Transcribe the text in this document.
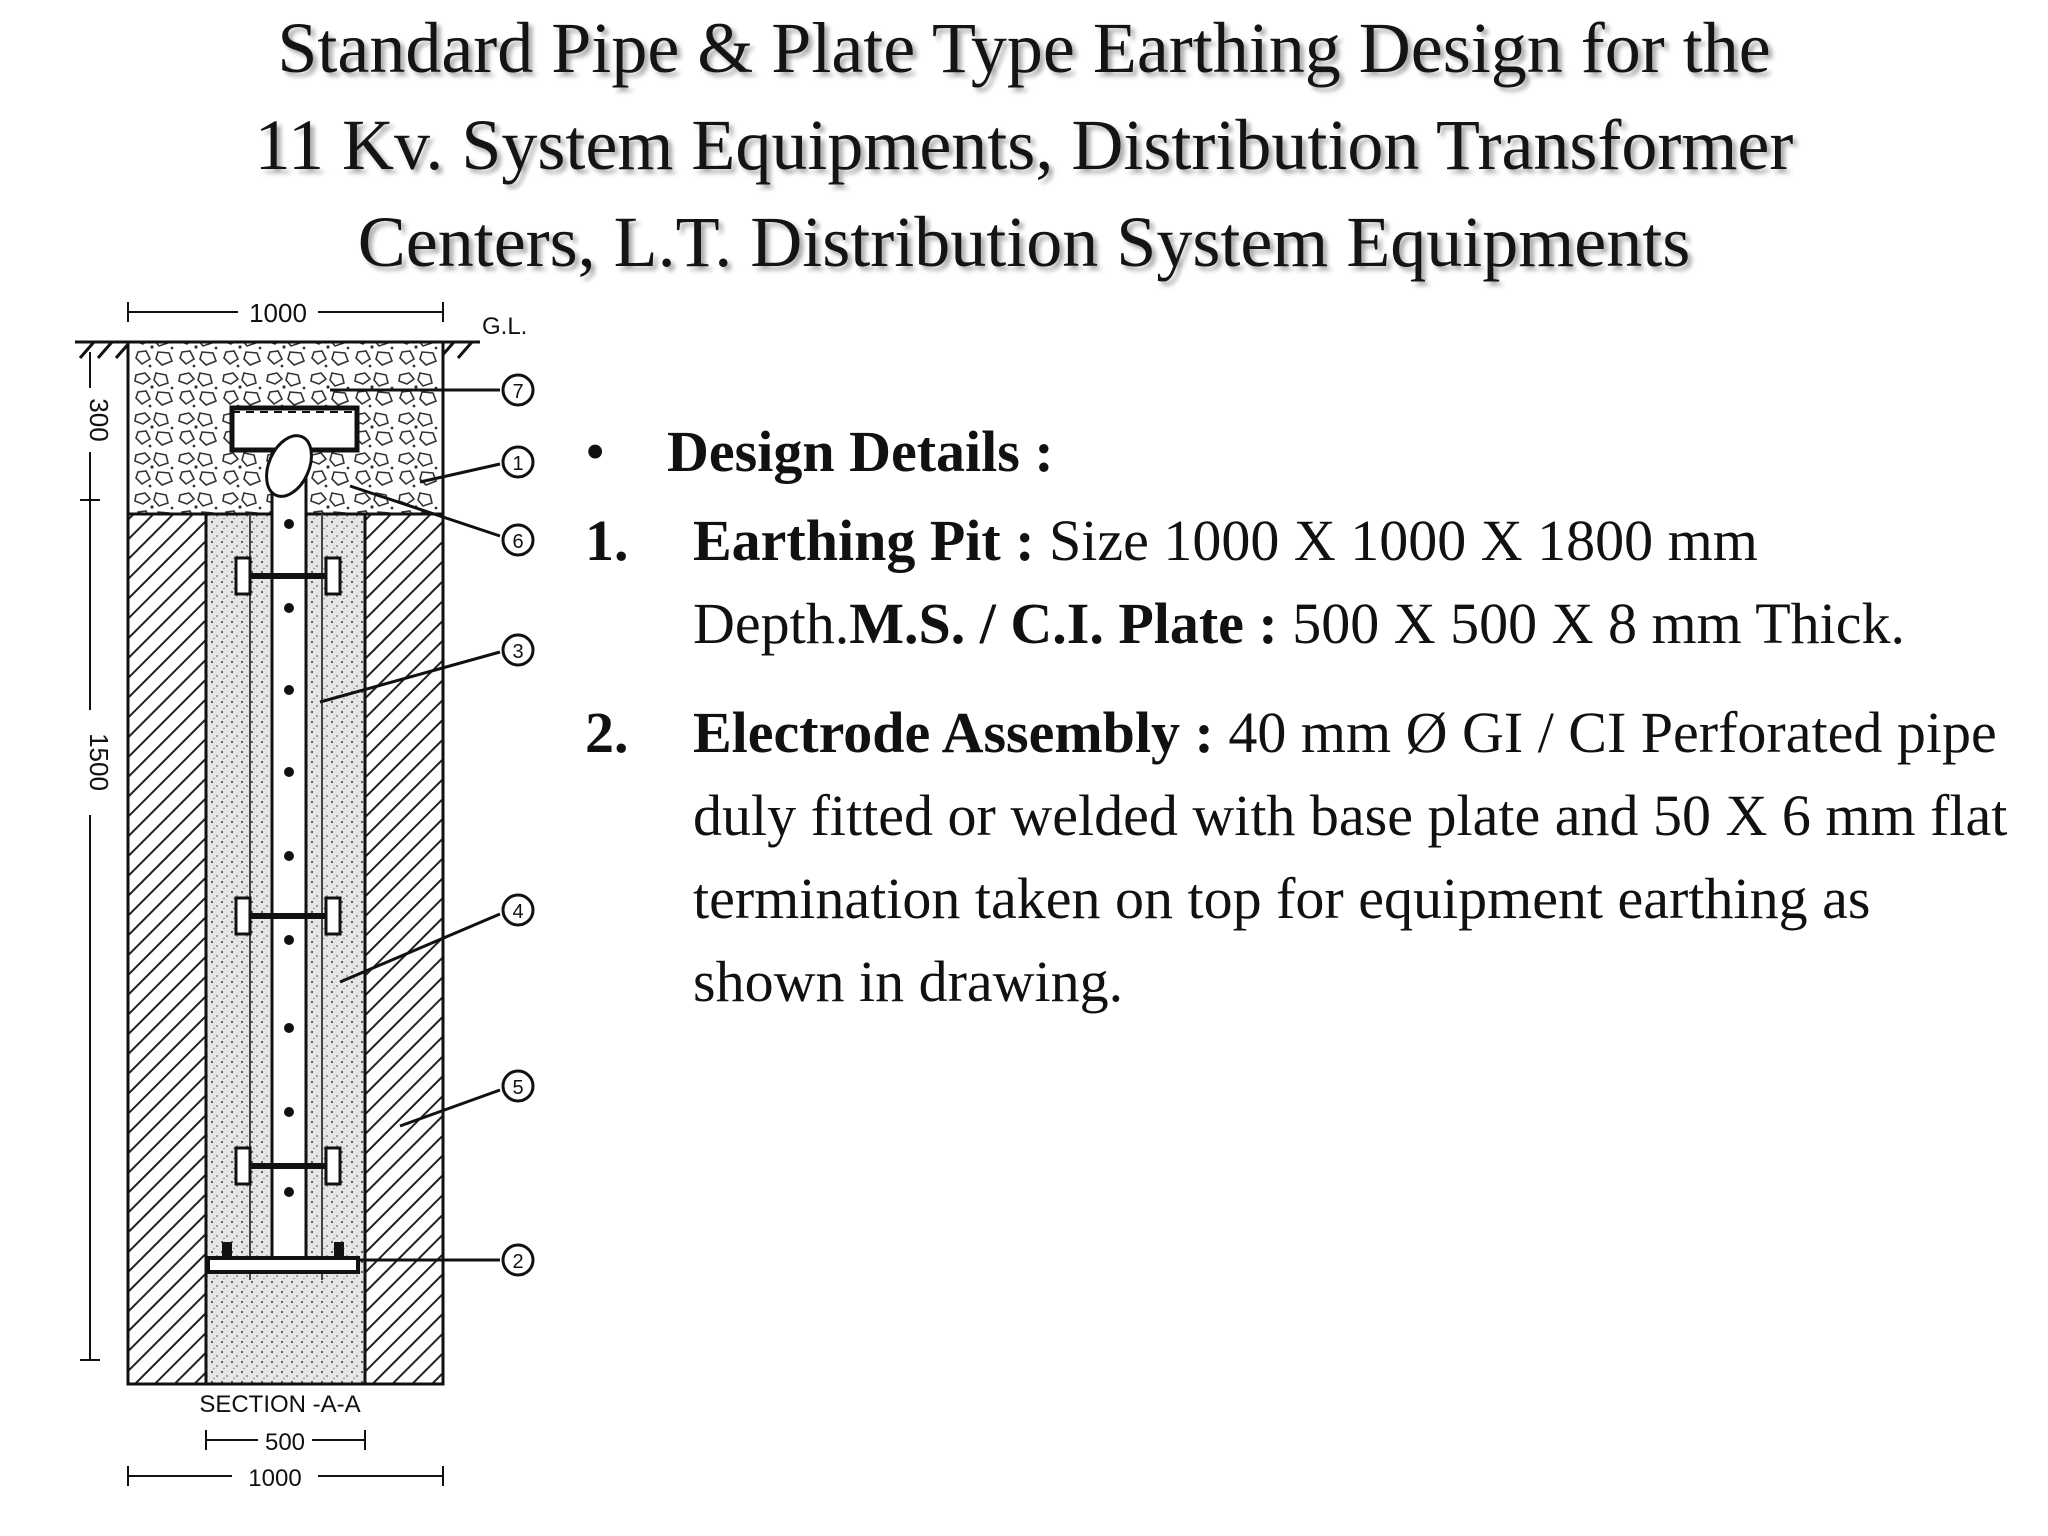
Standard Pipe & Plate Type Earthing Design for the
11 Kv. System Equipments, Distribution Transformer
Centers, L.T. Distribution System Equipments
1000	G.L.
300
1500
7
1
6
3
4
5
2
SECTION -A-A
500
1000
• Design Details :
1. Earthing Pit : Size 1000 X 1000 X 1800 mm Depth.M.S. / C.I. Plate : 500 X 500 X 8 mm Thick.
2. Electrode Assembly : 40 mm Ø GI / CI Perforated pipe duly fitted or welded with base plate and 50 X 6 mm flat termination taken on top for equipment earthing as shown in drawing.
